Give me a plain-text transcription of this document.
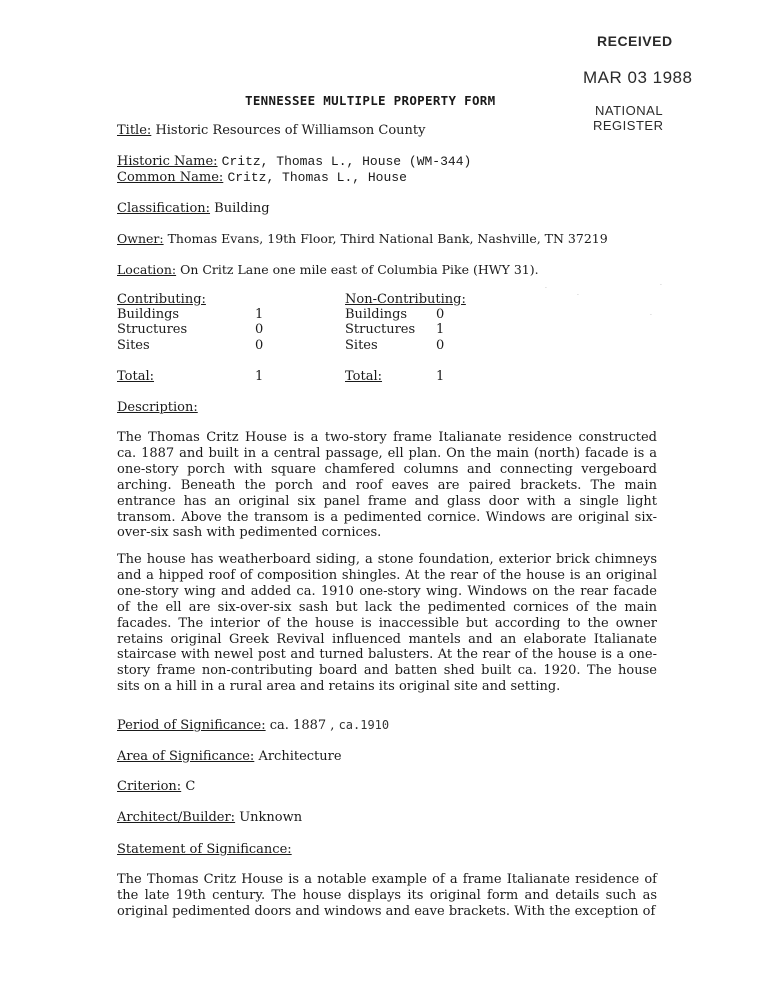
RECEIVED
MAR 03 1988
NATIONAL
REGISTER
TENNESSEE MULTIPLE PROPERTY FORM
Title: Historic Resources of Williamson County
Historic Name: Critz, Thomas L., House (WM-344)
Common Name: Critz, Thomas L., House
Classification: Building
Owner: Thomas Evans, 19th Floor, Third National Bank, Nashville, TN 37219
Location: On Critz Lane one mile east of Columbia Pike (HWY 31).
Contributing:
Buildings	1
Structures	0
Sites	0
Total:	1
Non-Contributing:
Buildings 0
Structures 1
Sites	0
Total:	1
·
·
·
·
Description:
The Thomas Critz House is a two-story frame Italianate residence constructed ca. 1887 and built in a central passage, ell plan. On the main (north) facade is a one-story porch with square chamfered columns and connecting vergeboard arching. Beneath the porch and roof eaves are paired brackets. The main entrance has an original six panel frame and glass door with a single light transom. Above the transom is a pedimented cornice. Windows are original six-over-six sash with pedimented cornices.
The house has weatherboard siding, a stone foundation, exterior brick chimneys and a hipped roof of composition shingles. At the rear of the house is an original one-story wing and added ca. 1910 one-story wing. Windows on the rear facade of the ell are six-over-six sash but lack the pedimented cornices of the main facades. The interior of the house is inaccessible but according to the owner retains original Greek Revival influenced mantels and an elaborate Italianate staircase with newel post and turned balusters. At the rear of the house is a one-story frame non-contributing board and batten shed built ca. 1920. The house sits on a hill in a rural area and retains its original site and setting.
Period of Significance: ca. 1887 , ca.1910
Area of Significance: Architecture
Criterion: C
Architect/Builder: Unknown
Statement of Significance:
The Thomas Critz House is a notable example of a frame Italianate residence of the late 19th century. The house displays its original form and details such as original pedimented doors and windows and eave brackets. With the exception of
